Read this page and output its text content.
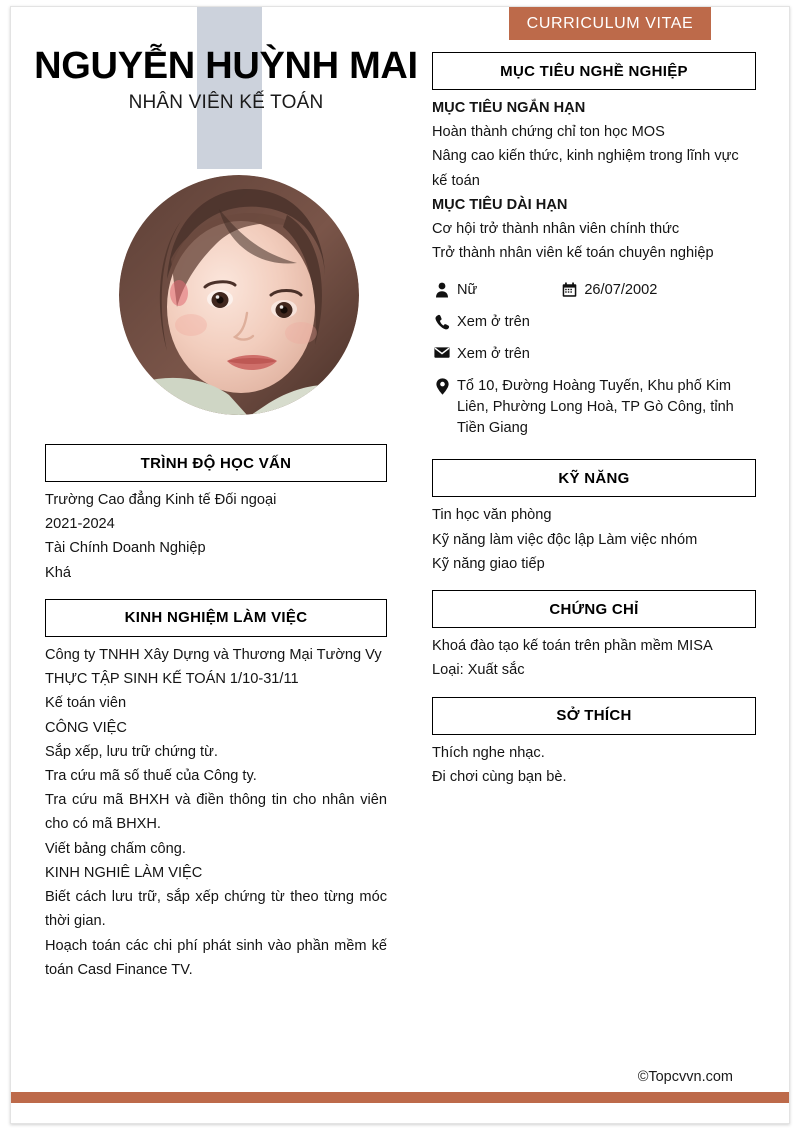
CURRICULUM VITAE
NGUYỄN HUỲNH MAI
NHÂN VIÊN KẾ TOÁN
MỤC TIÊU NGHỀ NGHIỆP
MỤC TIÊU NGẮN HẠN
Hoàn thành chứng chỉ ton học MOS
Nâng cao kiến thức, kinh nghiệm trong lĩnh vực kế toán
MỤC TIÊU DÀI HẠN
Cơ hội trở thành nhân viên chính thức
Trở thành nhân viên kế toán chuyên nghiệp
Nữ	26/07/2002
Xem ở trên
Xem ở trên
Tổ 10, Đường Hoàng Tuyến, Khu phố Kim Liên, Phường Long Hoà, TP Gò Công, tỉnh Tiền Giang
KỸ NĂNG
Tin học văn phòng
Kỹ năng làm việc độc lập Làm việc nhóm
Kỹ năng giao tiếp
CHỨNG CHỈ
Khoá đào tạo kế toán trên phần mềm MISA
Loại: Xuất sắc
SỞ THÍCH
Thích nghe nhạc.
Đi chơi cùng bạn bè.
TRÌNH ĐỘ HỌC VẤN
Trường Cao đẳng Kinh tế Đối ngoại
2021-2024
Tài Chính Doanh Nghiệp
Khá
KINH NGHIỆM LÀM VIỆC
Công ty TNHH Xây Dựng và Thương Mại Tường Vy
THỰC TẬP SINH KẾ TOÁN 1/10-31/11
Kế toán viên
CÔNG VIỆC
Sắp xếp, lưu trữ chứng từ.
Tra cứu mã số thuế của Công ty.
Tra cứu mã BHXH và điền thông tin cho nhân viên cho có mã BHXH.
Viết bảng chấm công.
KINH NGHIÊ LÀM VIỆC
Biết cách lưu trữ, sắp xếp chứng từ theo từng móc thời gian.
Hoạch toán các chi phí phát sinh vào phần mềm kế toán Casd Finance TV.
©Topcvvn.com
